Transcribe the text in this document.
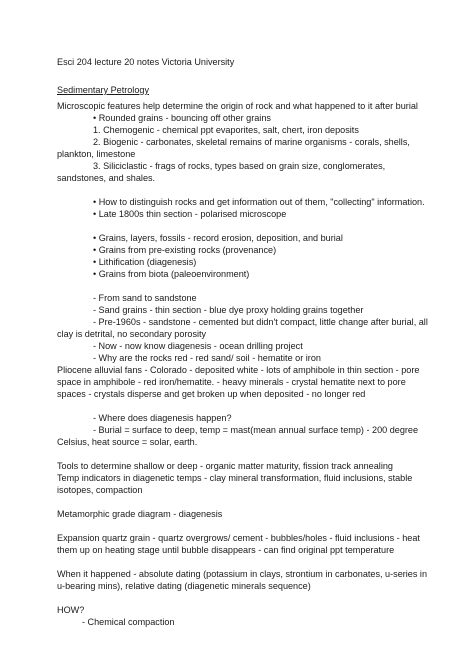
Esci 204 lecture 20 notes Victoria University
Sedimentary Petrology
Microscopic features help determine the origin of rock and what happened to it after burial
• Rounded grains - bouncing off other grains
1. Chemogenic - chemical ppt evaporites, salt, chert, iron deposits
2. Biogenic - carbonates, skeletal remains of marine organisms - corals, shells,
plankton, limestone
3. Siliciclastic - frags of rocks, types based on grain size, conglomerates,
sandstones, and shales.
• How to distinguish rocks and get information out of them, "collecting" information.
• Late 1800s thin section - polarised microscope
• Grains, layers, fossils - record erosion, deposition, and burial
• Grains from pre-existing rocks (provenance)
• Lithification (diagenesis)
• Grains from biota (paleoenvironment)
- From sand to sandstone
- Sand grains - thin section - blue dye proxy holding grains together
- Pre-1960s - sandstone - cemented but didn't compact, little change after burial, all
clay is detrital, no secondary porosity
- Now - now know diagenesis - ocean drilling project
- Why are the rocks red - red sand/ soil - hematite or iron
Pliocene alluvial fans - Colorado - deposited white - lots of amphibole in thin section - pore
space in amphibole - red iron/hematite. - heavy minerals - crystal hematite next to pore
spaces - crystals disperse and get broken up when deposited - no longer red
- Where does diagenesis happen?
- Burial = surface to deep, temp = mast(mean annual surface temp) - 200 degree
Celsius, heat source = solar, earth.
Tools to determine shallow or deep - organic matter maturity, fission track annealing
Temp indicators in diagenetic temps - clay mineral transformation, fluid inclusions, stable
isotopes, compaction
Metamorphic grade diagram - diagenesis
Expansion quartz grain - quartz overgrows/ cement - bubbles/holes - fluid inclusions - heat
them up on heating stage until bubble disappears - can find original ppt temperature
When it happened - absolute dating (potassium in clays, strontium in carbonates, u-series in
u-bearing mins), relative dating (diagenetic minerals sequence)
HOW?
- Chemical compaction
